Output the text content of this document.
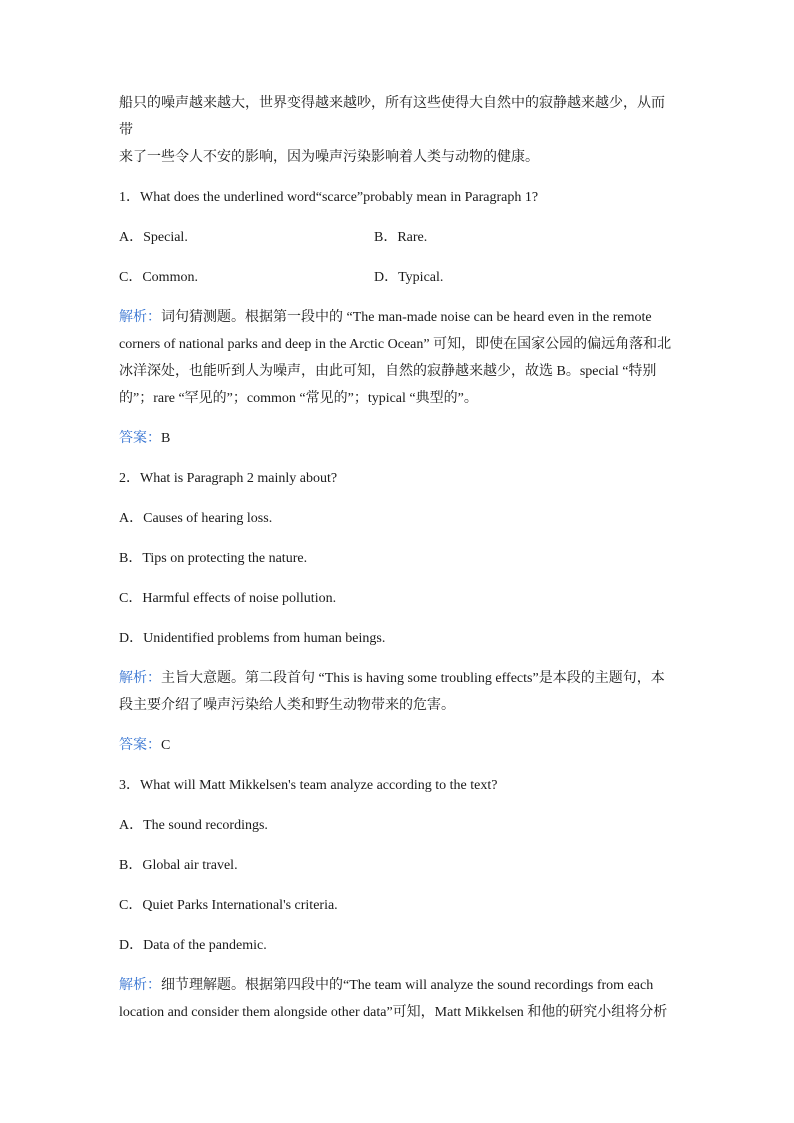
船只的噪声越来越大，世界变得越来越吵，所有这些使得大自然中的寂静越来越少，从而带
来了一些令人不安的影响，因为噪声污染影响着人类与动物的健康。

1．What does the underlined word“scarce”probably mean in Paragraph 1?

A．Special.	B．Rare.

C．Common.	D．Typical.

解析：词句猜测题。根据第一段中的 “The man-made noise can be heard even in the remote
corners of national parks and deep in the Arctic Ocean” 可知，即使在国家公园的偏远角落和北
冰洋深处，也能听到人为噪声，由此可知，自然的寂静越来越少，故选 B。special “特别
的”；rare “罕见的”；common “常见的”；typical “典型的”。

答案：B

2．What is Paragraph 2 mainly about?

A．Causes of hearing loss.

B．Tips on protecting the nature.

C．Harmful effects of noise pollution.

D．Unidentified problems from human beings.

解析：主旨大意题。第二段首句 “This is having some troubling effects”是本段的主题句，本
段主要介绍了噪声污染给人类和野生动物带来的危害。

答案：C

3．What will Matt Mikkelsen's team analyze according to the text?

A．The sound recordings.

B．Global air travel.

C．Quiet Parks International's criteria.

D．Data of the pandemic.

解析：细节理解题。根据第四段中的“The team will analyze the sound recordings from each
location and consider them alongside other data”可知，Matt Mikkelsen 和他的研究小组将分析
